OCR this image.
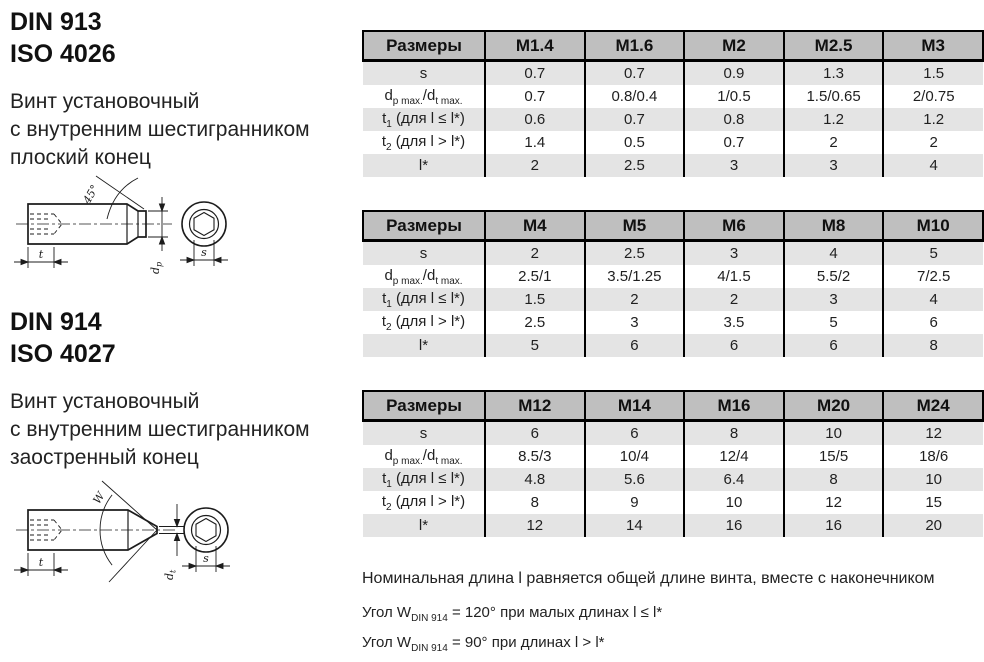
DIN 913
ISO 4026
Винт установочный
с внутренним шестигранником
плоский конец
45°
t
$d_p$
s
DIN 914
ISO 4027
Винт установочный
с внутренним шестигранником
заостренный конец
W
t
$d_t$
s
Размеры	M1.4	M1.6	M2	M2.5	M3
s	0.7	0.7	0.9	1.3	1.5
$d_{p max.}/d_{t max.}$	0.7	0.8/0.4	1/0.5	1.5/0.65	2/0.75
$t_1$ (для l ≤ l*)	0.6	0.7	0.8	1.2	1.2
$t_2$ (для l > l*)	1.4	0.5	0.7	2	2
l*	2	2.5	3	3	4
Размеры	M4	M5	M6	M8	M10
s	2	2.5	3	4	5
$d_{p max.}/d_{t max.}$	2.5/1	3.5/1.25	4/1.5	5.5/2	7/2.5
$t_1$ (для l ≤ l*)	1.5	2	2	3	4
$t_2$ (для l > l*)	2.5	3	3.5	5	6
l*	5	6	6	6	8
Размеры	M12	M14	M16	M20	M24
s	6	6	8	10	12
$d_{p max.}/d_{t max.}$	8.5/3	10/4	12/4	15/5	18/6
$t_1$ (для l ≤ l*)	4.8	5.6	6.4	8	10
$t_2$ (для l > l*)	8	9	10	12	15
l*	12	14	16	16	20

Номинальная длина l равняется общей длине винта, вместе с наконечником

Угол $W_{DIN 914} = 120^\circ$ при малых длинах l ≤ l*

Угол $W_{DIN 914} = 90^\circ$ при длинах l > l*
